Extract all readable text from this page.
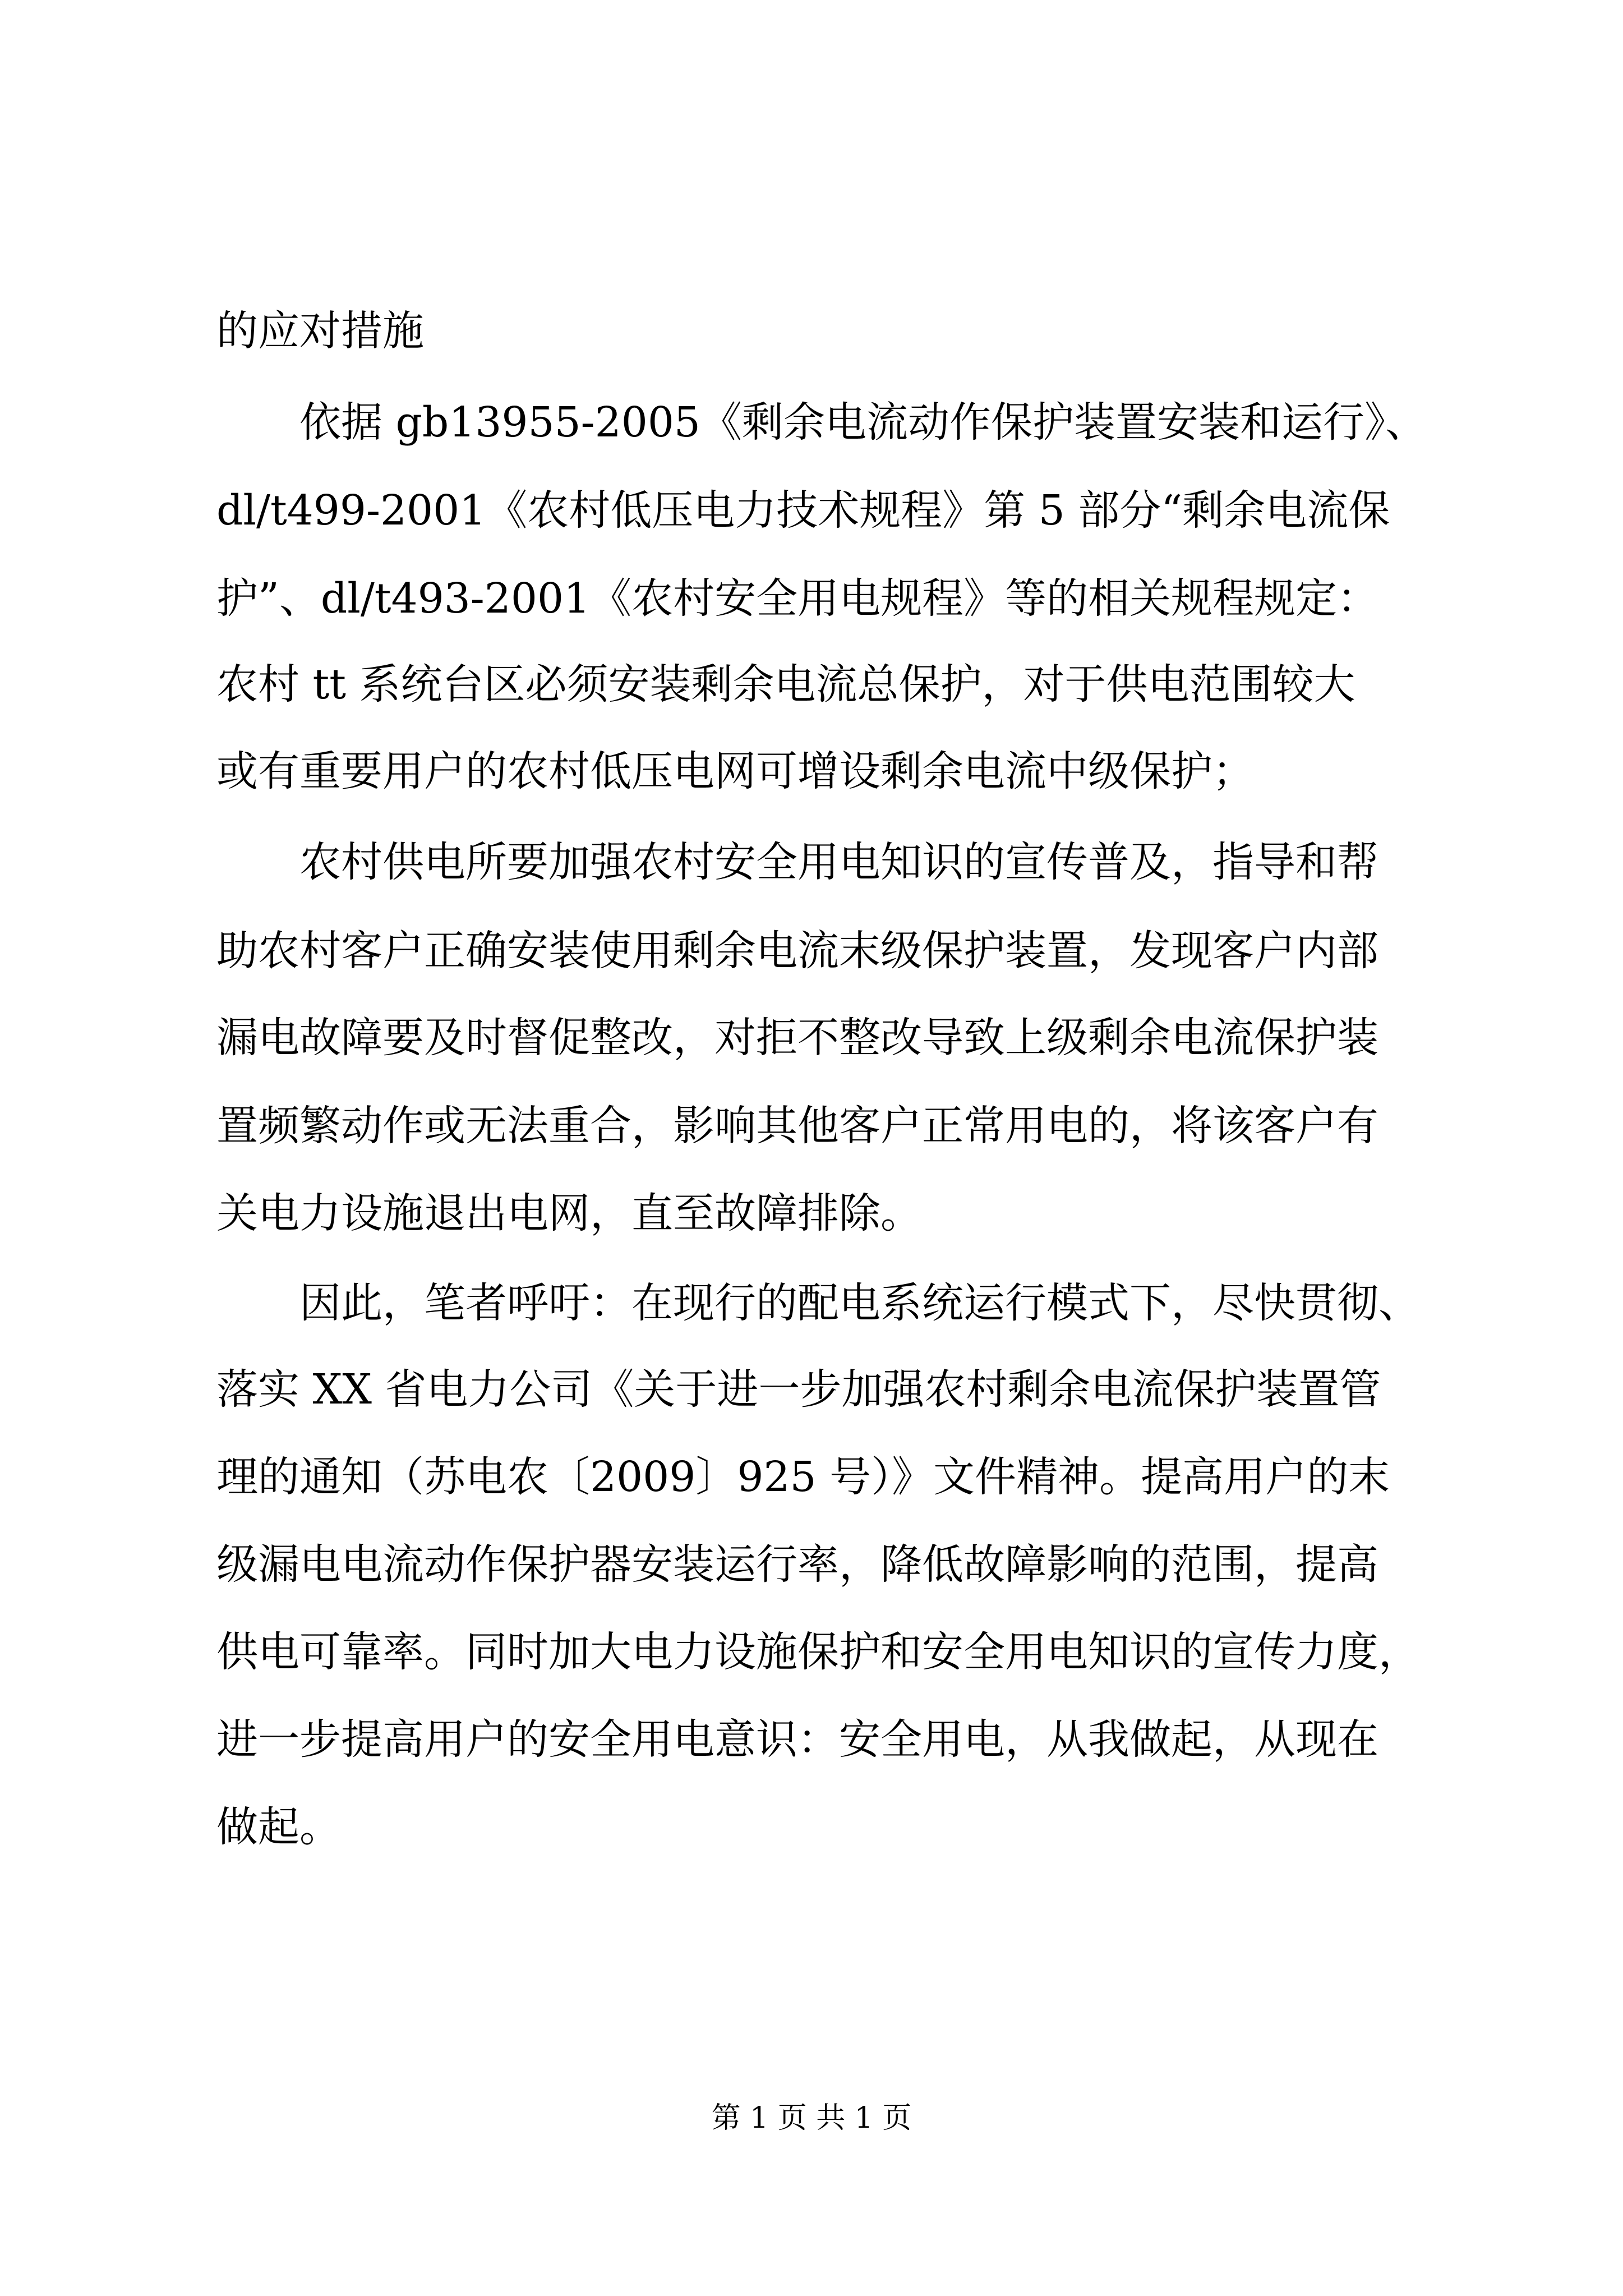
的应对措施
　　依据 gb13955-2005《剩余电流动作保护装置安装和运行》、
dl/t499-2001《农村低压电力技术规程》第 5 部分“剩余电流保
护”、dl/t493-2001《农村安全用电规程》等的相关规程规定：
农村 tt 系统台区必须安装剩余电流总保护，对于供电范围较大
或有重要用户的农村低压电网可增设剩余电流中级保护；
　　农村供电所要加强农村安全用电知识的宣传普及，指导和帮
助农村客户正确安装使用剩余电流末级保护装置，发现客户内部
漏电故障要及时督促整改，对拒不整改导致上级剩余电流保护装
置频繁动作或无法重合，影响其他客户正常用电的，将该客户有
关电力设施退出电网，直至故障排除。
　　因此，笔者呼吁：在现行的配电系统运行模式下，尽快贯彻、
落实 XX 省电力公司《关于进一步加强农村剩余电流保护装置管
理的通知（苏电农〔2009〕925 号）》文件精神。提高用户的末
级漏电电流动作保护器安装运行率，降低故障影响的范围，提高
供电可靠率。同时加大电力设施保护和安全用电知识的宣传力度，
进一步提高用户的安全用电意识：安全用电，从我做起，从现在
做起。
第 1 页 共 1 页
